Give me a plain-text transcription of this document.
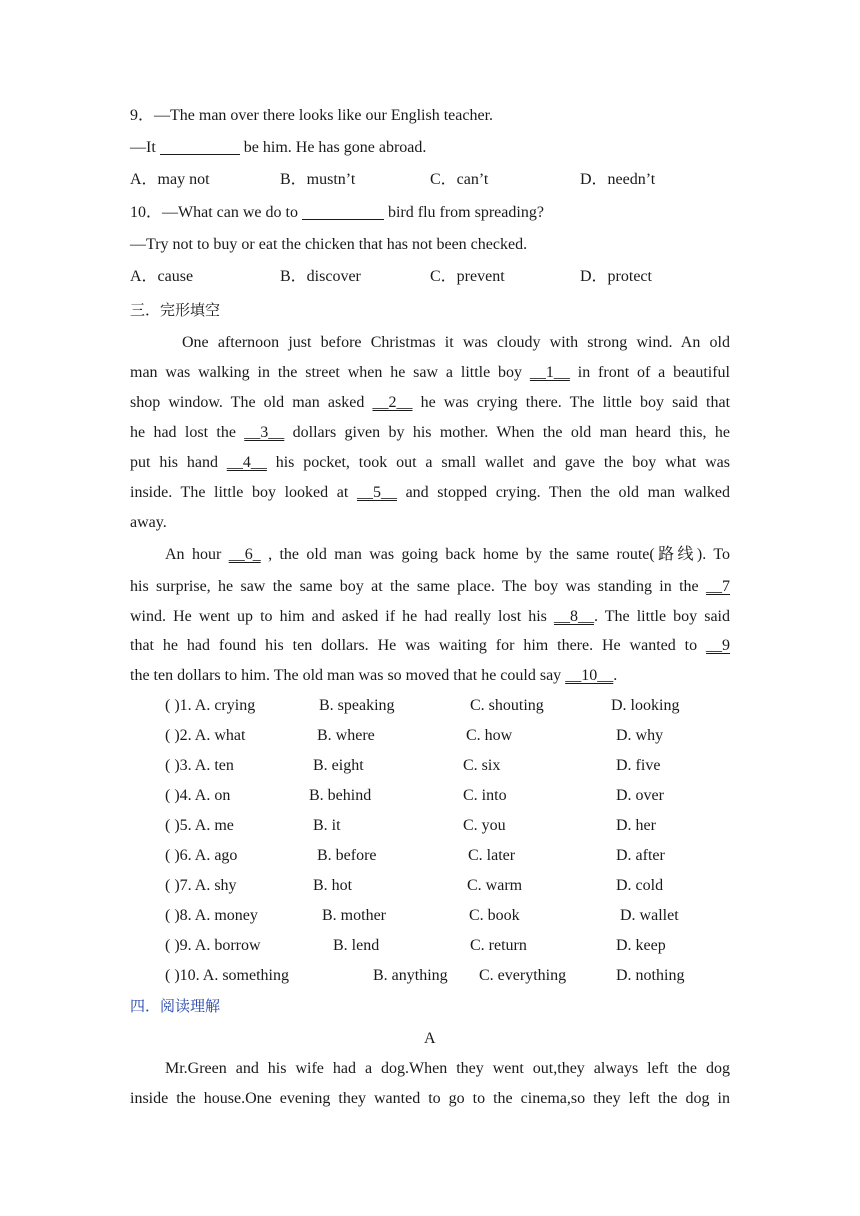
9．—The man over there looks like our English teacher.
—It	be him. He has gone abroad.
A．may not	B．mustn’t	C．can’t	D．needn’t
10．—What can we do to	bird flu from spreading?
—Try not to buy or eat the chicken that has not been checked.
A．cause	B．discover	C．prevent	D．protect
三．完形填空
One afternoon just before Christmas it was cloudy with strong wind. An old
man was walking in the street when he saw a little boy __1__ in front of a beautiful
shop window. The old man asked __2__ he was crying there. The little boy said that
he had lost the __3__ dollars given by his mother. When the old man heard this, he
put his hand __4__ his pocket, took out a small wallet and gave the boy what was
inside. The little boy looked at __5__ and stopped crying. Then the old man walked
away.
An hour __6_ , the old man was going back home by the same route(路线). To
his surprise, he saw the same boy at the same place. The boy was standing in the __7
wind. He went up to him and asked if he had really lost his __8__. The little boy said
that he had found his ten dollars. He was waiting for him there. He wanted to __9
the ten dollars to him. The old man was so moved that he could say __10__.
( )1. A. crying	B. speaking	C. shouting	D. looking
( )2. A. what	B. where	C. how	D. why
( )3. A. ten	B. eight	C. six	D. five
( )4. A. on	B. behind	C. into	D. over
( )5. A. me	B. it	C. you	D. her
( )6. A. ago	B. before	C. later	D. after
( )7. A. shy	B. hot	C. warm	D. cold
( )8. A. money	B. mother	C. book	D. wallet
( )9. A. borrow	B. lend	C. return	D. keep
( )10. A. something	B. anything C. everything	D. nothing
四．阅读理解
A
Mr.Green and his wife had a dog.When they went out,they always left the dog
inside the house.One evening they wanted to go to the cinema,so they left the dog in
